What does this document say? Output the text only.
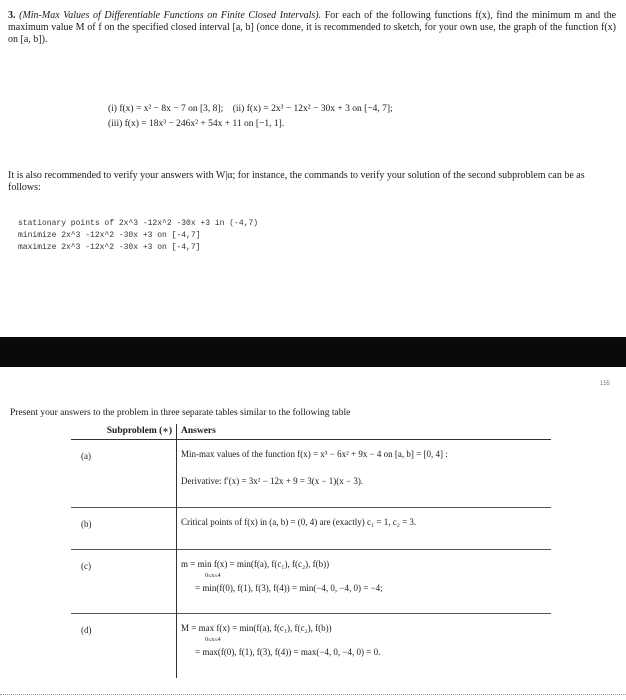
3. (Min-Max Values of Differentiable Functions on Finite Closed Intervals). For each of the following functions f(x), find the minimum m and the maximum value M of f on the specified closed interval [a, b] (once done, it is recommended to sketch, for your own use, the graph of the function f(x) on [a, b]).
(i) f(x) = x² − 8x − 7 on [3, 8]; (ii) f(x) = 2x³ − 12x² − 30x + 3 on [−4, 7];
(iii) f(x) = 18x³ − 246x² + 54x + 11 on [−1, 1].
It is also recommended to verify your answers with W|α; for instance, the commands to verify your solution of the second subproblem can be as follows:
stationary points of 2x^3 -12x^2 -30x +3 in (-4,7)
minimize 2x^3 -12x^2 -30x +3 on [-4,7]
maximize 2x^3 -12x^2 -30x +3 on [-4,7]
155
Present your answers to the problem in three separate tables similar to the following table
Subproblem (∗)	Answers
(a)	Min-max values of the function f(x) = x³ − 6x² + 9x − 4 on [a, b] = [0, 4] :
Derivative: f′(x) = 3x² − 12x + 9 = 3(x − 1)(x − 3).

(b)	Critical points of f(x) in (a, b) = (0, 4) are (exactly) c₁ = 1, c₂ = 3.

(c)	m = min f(x) = min(f(a), f(c₁), f(c₂), f(b))
0≤x≤4
= min(f(0), f(1), f(3), f(4)) = min(−4, 0, −4, 0) = −4;

(d)	M = max f(x) = min(f(a), f(c₁), f(c₂), f(b))
0≤x≤4
= max(f(0), f(1), f(3), f(4)) = max(−4, 0, −4, 0) = 0.
